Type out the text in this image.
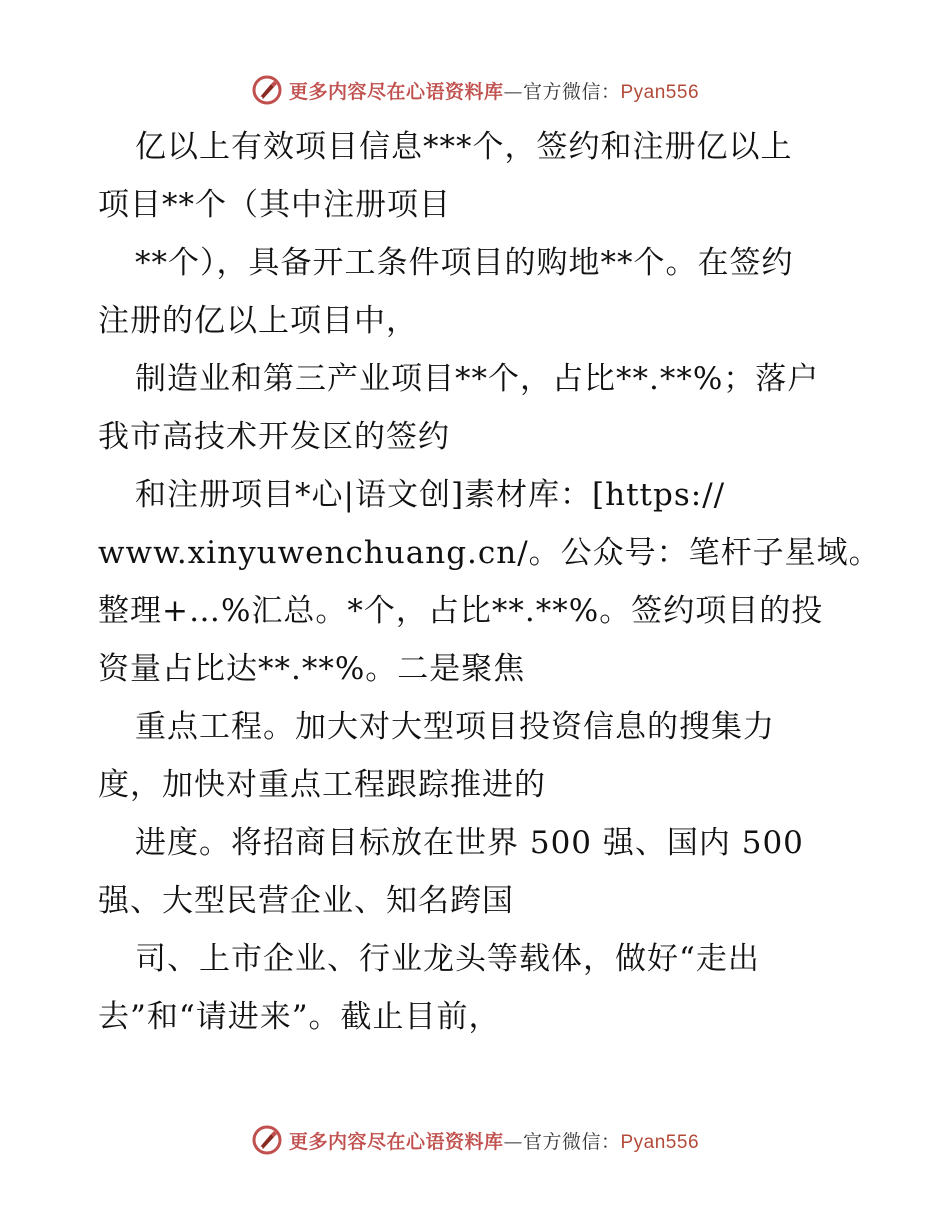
更多内容尽在心语资料库 — 官方微信： Pyan556
亿以上有效项目信息***个，签约和注册亿以上
项目**个（其中注册项目
**个），具备开工条件项目的购地**个。在签约
注册的亿以上项目中，
制造业和第三产业项目**个，占比**.**%；落户
我市高技术开发区的签约
和注册项目*心|语文创]素材库：[https://
www.xinyuwenchuang.cn/。公众号：笔杆子星域。
整理+…%汇总。*个，占比**.**%。签约项目的投
资量占比达**.**%。二是聚焦
重点工程。加大对大型项目投资信息的搜集力
度，加快对重点工程跟踪推进的
进度。将招商目标放在世界 500 强、国内 500
强、大型民营企业、知名跨国
司、上市企业、行业龙头等载体，做好“走出
去”和“请进来”。截止目前，
更多内容尽在心语资料库 — 官方微信： Pyan556
